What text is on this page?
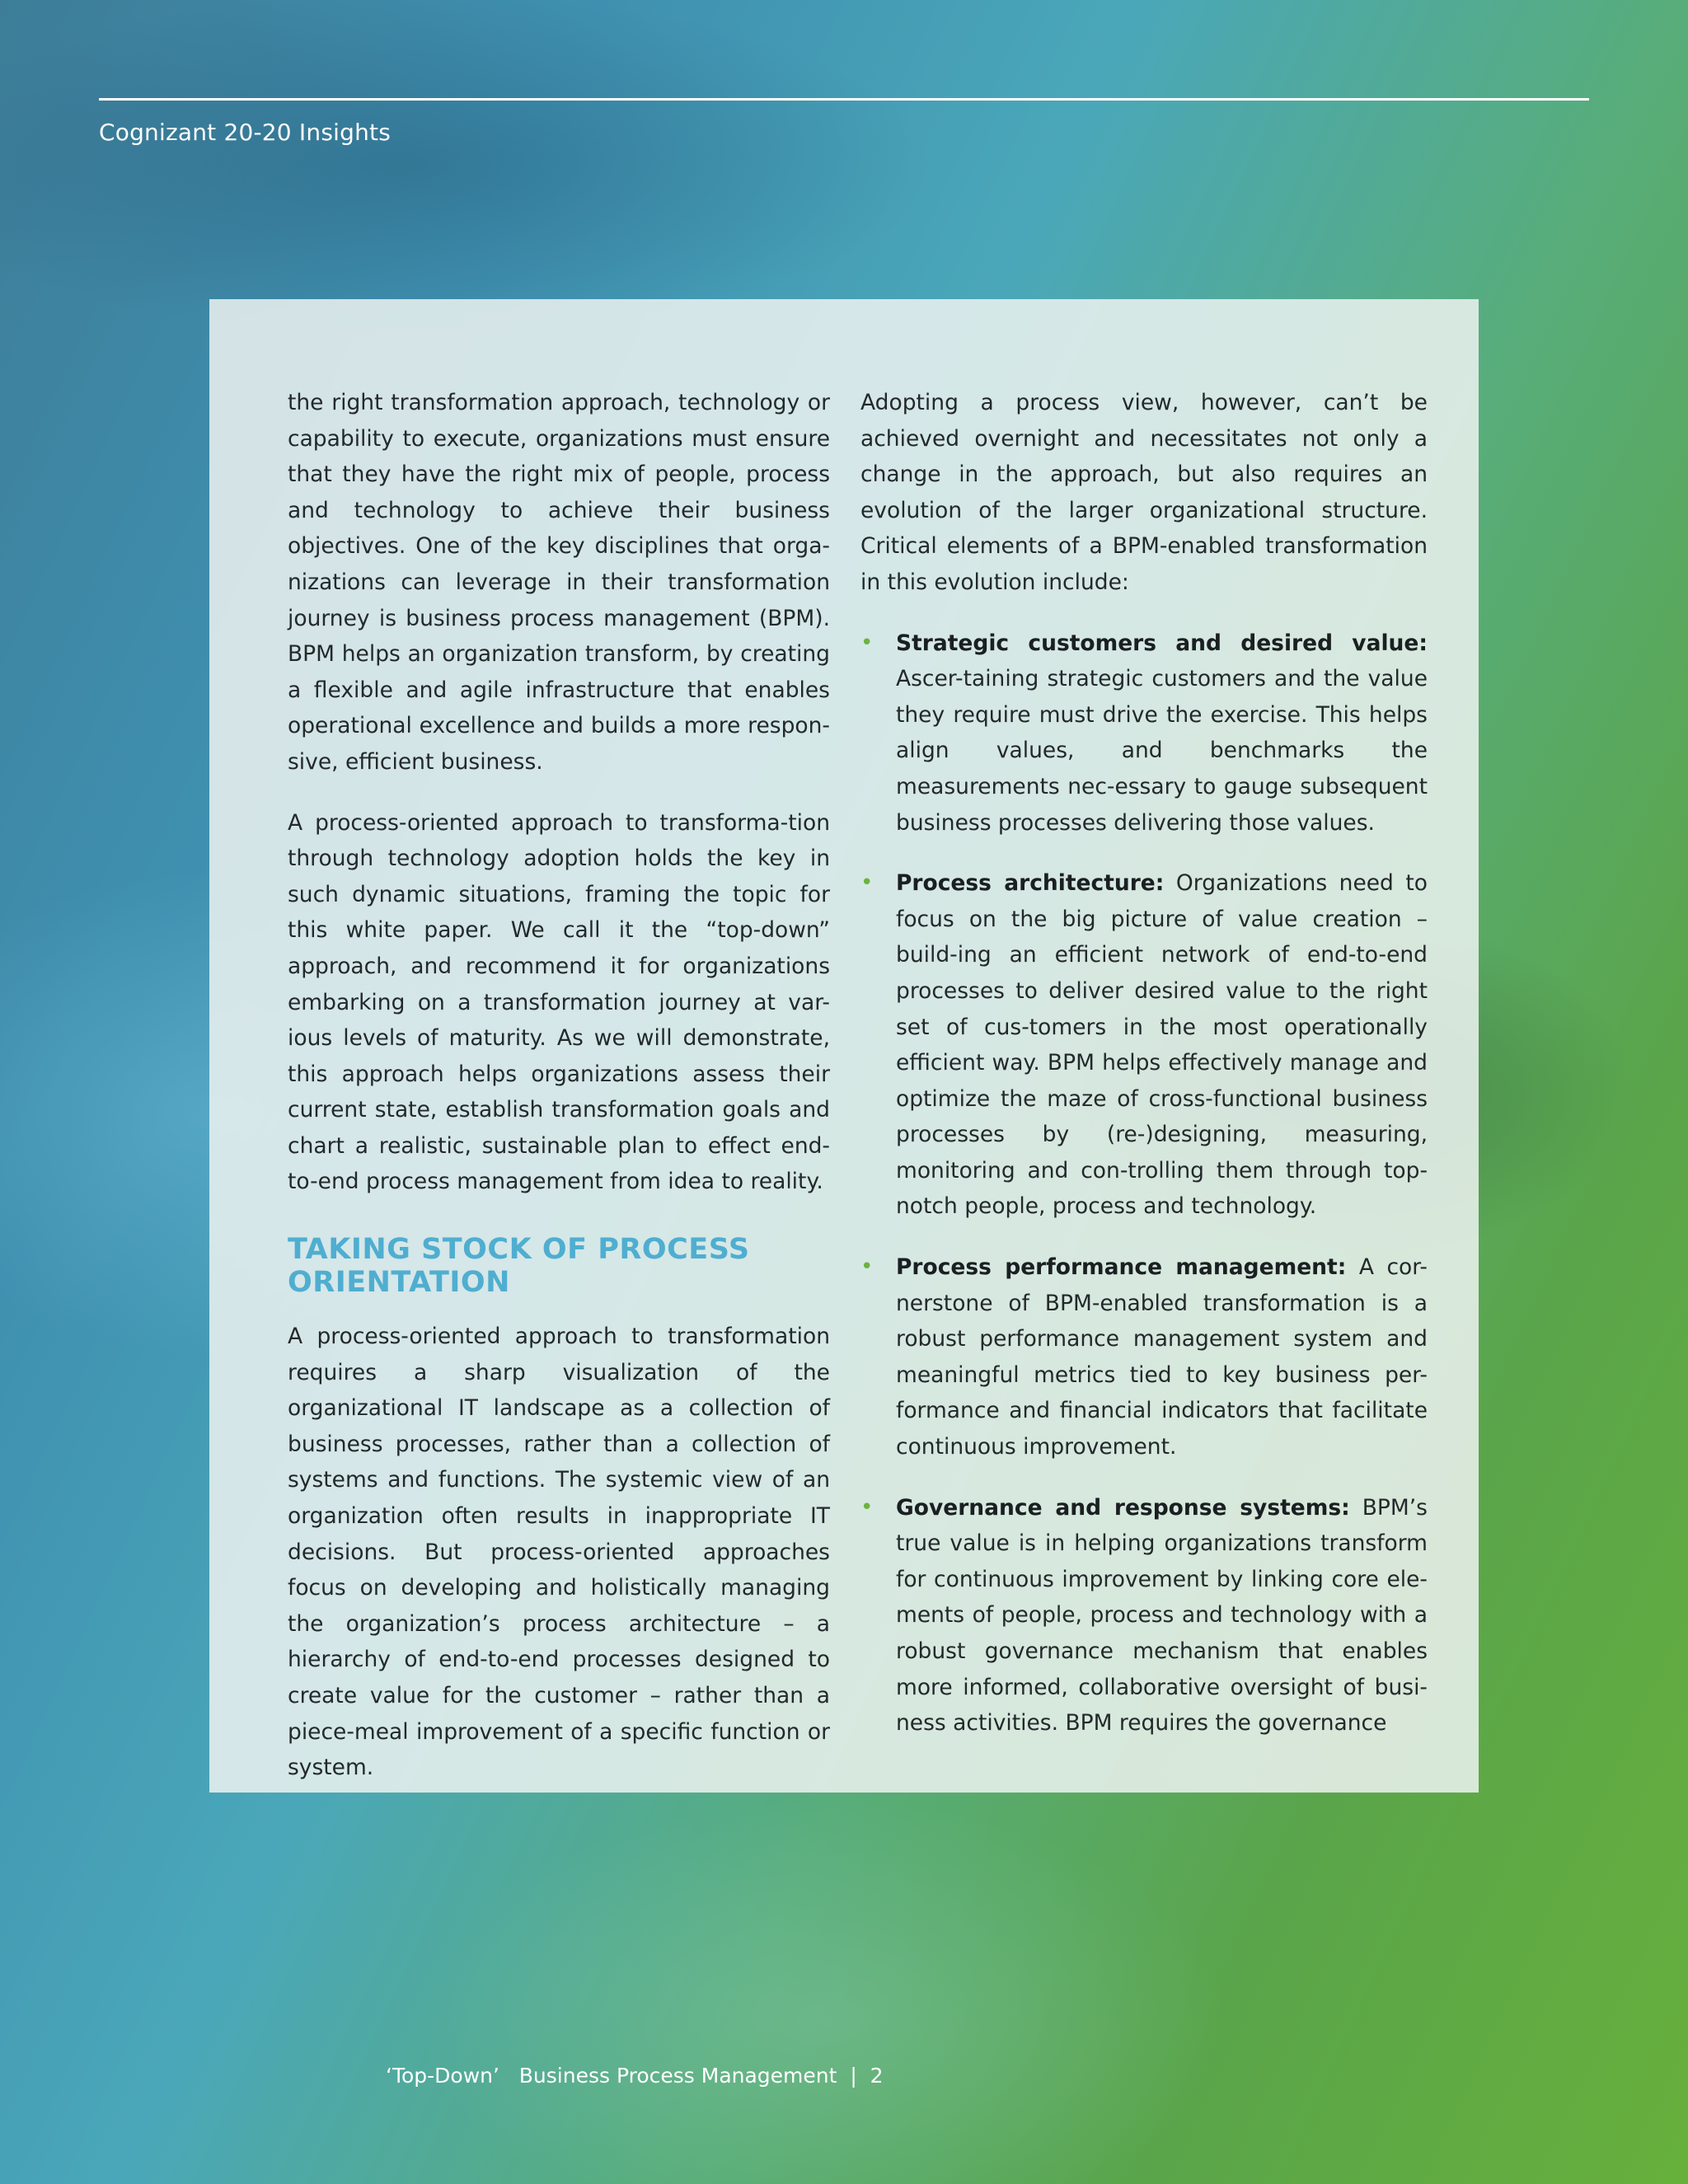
Cognizant 20-20 Insights

the right transformation approach, technology or capability to execute, organizations must ensure that they have the right mix of people, process and technology to achieve their business objectives. One of the key disciplines that orga-nizations can leverage in their transformation journey is business process management (BPM). BPM helps an organization transform, by creating a flexible and agile infrastructure that enables operational excellence and builds a more respon-sive, efficient business.

A process-oriented approach to transforma-tion through technology adoption holds the key in such dynamic situations, framing the topic for this white paper. We call it the “top-down” approach, and recommend it for organizations embarking on a transformation journey at var-ious levels of maturity. As we will demonstrate, this approach helps organizations assess their current state, establish transformation goals and chart a realistic, sustainable plan to effect end-to-end process management from idea to reality.

TAKING STOCK OF PROCESS ORIENTATION

A process-oriented approach to transformation requires a sharp visualization of the organizational IT landscape as a collection of business processes, rather than a collection of systems and functions. The systemic view of an organization often results in inappropriate IT decisions. But process-oriented approaches focus on developing and holistically managing the organization’s process architecture – a hierarchy of end-to-end processes designed to create value for the customer – rather than a piece-meal improvement of a specific function or system.

Adopting a process view, however, can’t be achieved overnight and necessitates not only a change in the approach, but also requires an evolution of the larger organizational structure. Critical elements of a BPM-enabled transformation in this evolution include:

• Strategic customers and desired value: Ascer-taining strategic customers and the value they require must drive the exercise. This helps align values, and benchmarks the measurements nec-essary to gauge subsequent business processes delivering those values.

• Process architecture: Organizations need to focus on the big picture of value creation – build-ing an efficient network of end-to-end processes to deliver desired value to the right set of cus-tomers in the most operationally efficient way. BPM helps effectively manage and optimize the maze of cross-functional business processes by (re-)designing, measuring, monitoring and con-trolling them through top-notch people, process and technology.

• Process performance management: A cor-nerstone of BPM-enabled transformation is a robust performance management system and meaningful metrics tied to key business per-formance and financial indicators that facilitate continuous improvement.

• Governance and response systems: BPM’s true value is in helping organizations transform for continuous improvement by linking core ele-ments of people, process and technology with a robust governance mechanism that enables more informed, collaborative oversight of busi-ness activities. BPM requires the governance

‘Top-Down’   Business Process Management  |  2
